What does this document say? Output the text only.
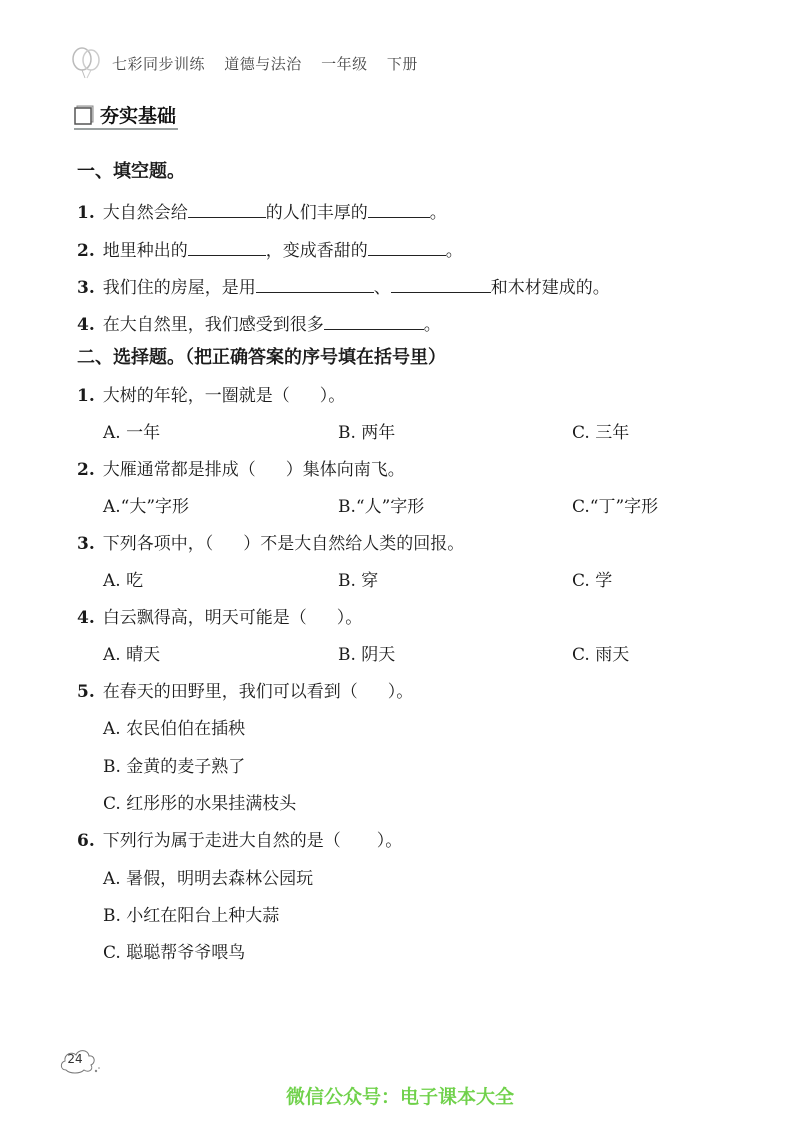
七彩同步训练 道德与法治 一年级 下册
夯实基础
一、填空题。
1. 大自然会给	的人们丰厚的	。
2. 地里种出的	，变成香甜的	。
3. 我们住的房屋，是用	、	和木材建成的。
4. 在大自然里，我们感受到很多	。
二、选择题。（把正确答案的序号填在括号里）
1. 大树的年轮，一圈就是（ ）。
A. 一年	B. 两年	C. 三年
2. 大雁通常都是排成（ ）集体向南飞。
A.“大”字形	B.“人”字形	C.“丁”字形
3. 下列各项中，（ ）不是大自然给人类的回报。
A. 吃	B. 穿	C. 学
4. 白云飘得高，明天可能是（ ）。
A. 晴天	B. 阴天	C. 雨天
5. 在春天的田野里，我们可以看到（ ）。
A. 农民伯伯在插秧
B. 金黄的麦子熟了
C. 红彤彤的水果挂满枝头
6. 下列行为属于走进大自然的是（ ）。
A. 暑假，明明去森林公园玩
B. 小红在阳台上种大蒜
C. 聪聪帮爷爷喂鸟
24
微信公众号：电子课本大全
